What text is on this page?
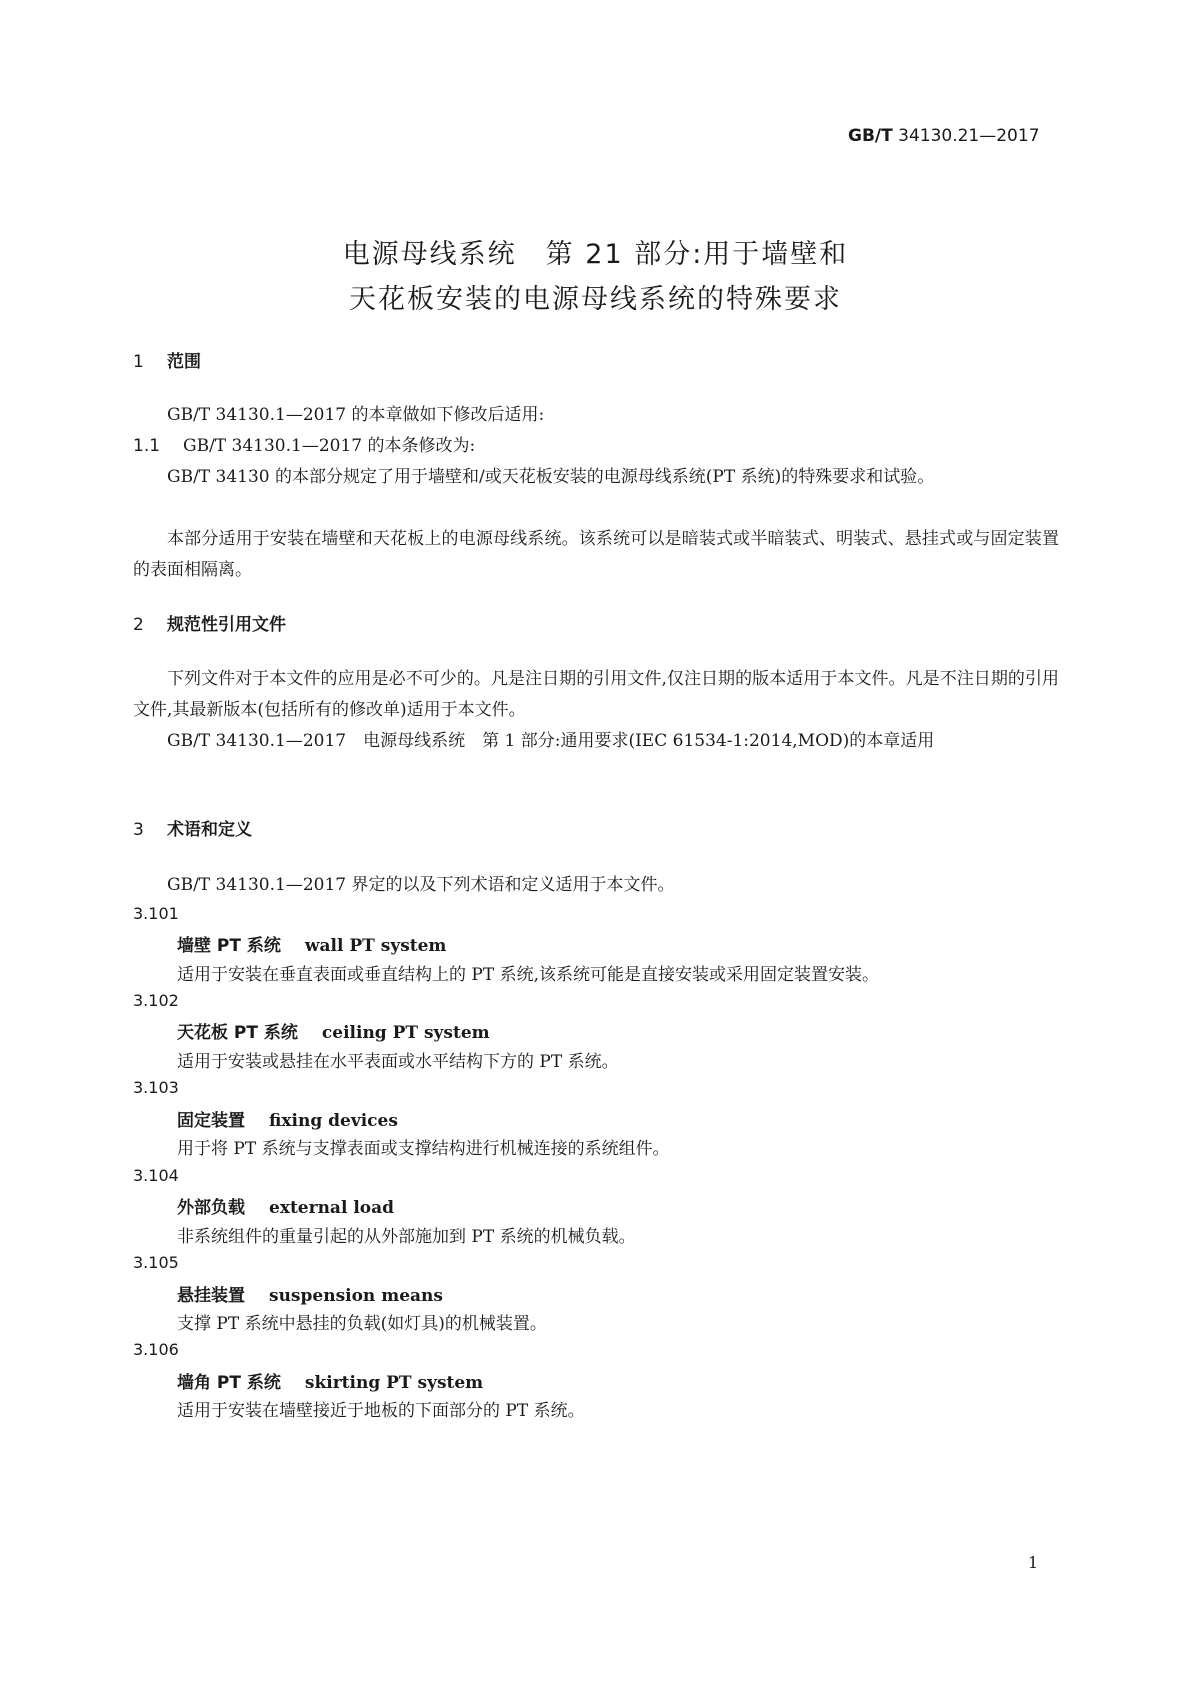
GB/T 34130.21—2017
电源母线系统　第 21 部分:用于墙壁和
天花板安装的电源母线系统的特殊要求
1 范围
GB/T 34130.1—2017 的本章做如下修改后适用:
1.1 GB/T 34130.1—2017 的本条修改为:
GB/T 34130 的本部分规定了用于墙壁和/或天花板安装的电源母线系统(PT 系统)的特殊要求和试验。
本部分适用于安装在墙壁和天花板上的电源母线系统。该系统可以是暗装式或半暗装式、明装式、悬挂式或与固定装置的表面相隔离。
2 规范性引用文件
下列文件对于本文件的应用是必不可少的。凡是注日期的引用文件,仅注日期的版本适用于本文件。凡是不注日期的引用文件,其最新版本(包括所有的修改单)适用于本文件。
GB/T 34130.1—2017　电源母线系统　第 1 部分:通用要求(IEC 61534-1:2014,MOD)的本章适用
3 术语和定义
GB/T 34130.1—2017 界定的以及下列术语和定义适用于本文件。
3.101
墙壁 PT 系统 wall PT system
适用于安装在垂直表面或垂直结构上的 PT 系统,该系统可能是直接安装或采用固定装置安装。
3.102
天花板 PT 系统 ceiling PT system
适用于安装或悬挂在水平表面或水平结构下方的 PT 系统。
3.103
固定装置 fixing devices
用于将 PT 系统与支撑表面或支撑结构进行机械连接的系统组件。
3.104
外部负载 external load
非系统组件的重量引起的从外部施加到 PT 系统的机械负载。
3.105
悬挂装置 suspension means
支撑 PT 系统中悬挂的负载(如灯具)的机械装置。
3.106
墙角 PT 系统 skirting PT system
适用于安装在墙壁接近于地板的下面部分的 PT 系统。
1
